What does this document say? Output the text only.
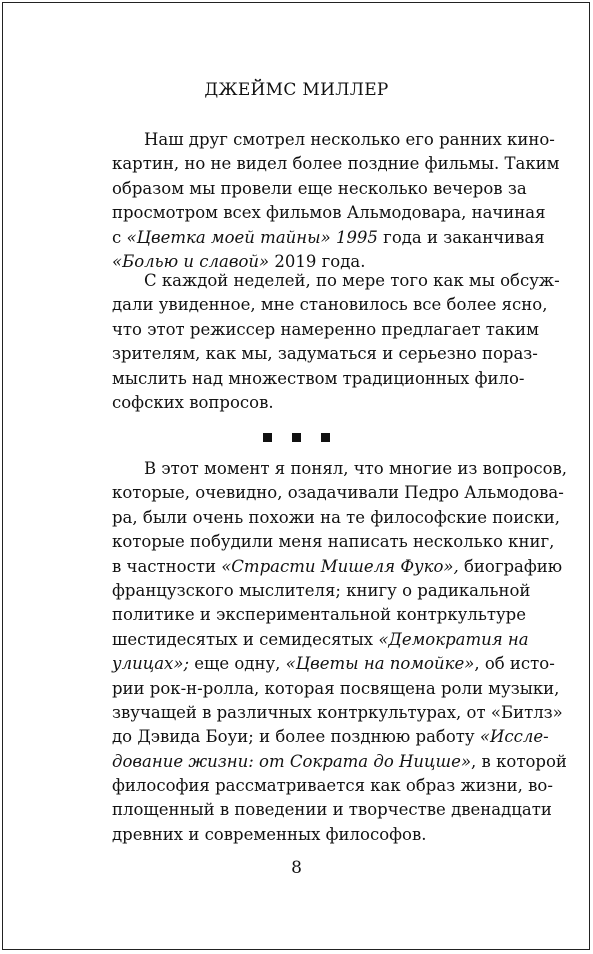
ДЖЕЙМС МИЛЛЕР
Наш друг смотрел несколько его ранних кино-
картин, но не видел более поздние фильмы. Таким
образом мы провели еще несколько вечеров за
просмотром всех фильмов Альмодовара, начиная
с «Цветка моей тайны» 1995 года и заканчивая
«Болью и славой» 2019 года.
С каждой неделей, по мере того как мы обсуж-
дали увиденное, мне становилось все более ясно,
что этот режиссер намеренно предлагает таким
зрителям, как мы, задуматься и серьезно пораз-
мыслить над множеством традиционных фило-
софских вопросов.
В этот момент я понял, что многие из вопросов,
которые, очевидно, озадачивали Педро Альмодова-
ра, были очень похожи на те философские поиски,
которые побудили меня написать несколько книг,
в частности «Страсти Мишеля Фуко», биографию
французского мыслителя; книгу о радикальной
политике и экспериментальной контркультуре
шестидесятых и семидесятых «Демократия на
улицах»; еще одну, «Цветы на помойке», об исто-
рии рок-н-ролла, которая посвящена роли музыки,
звучащей в различных контркультурах, от «Битлз»
до Дэвида Боуи; и более позднюю работу «Иссле-
дование жизни: от Сократа до Ницше», в которой
философия рассматривается как образ жизни, во-
площенный в поведении и творчестве двенадцати
древних и современных философов.
8
